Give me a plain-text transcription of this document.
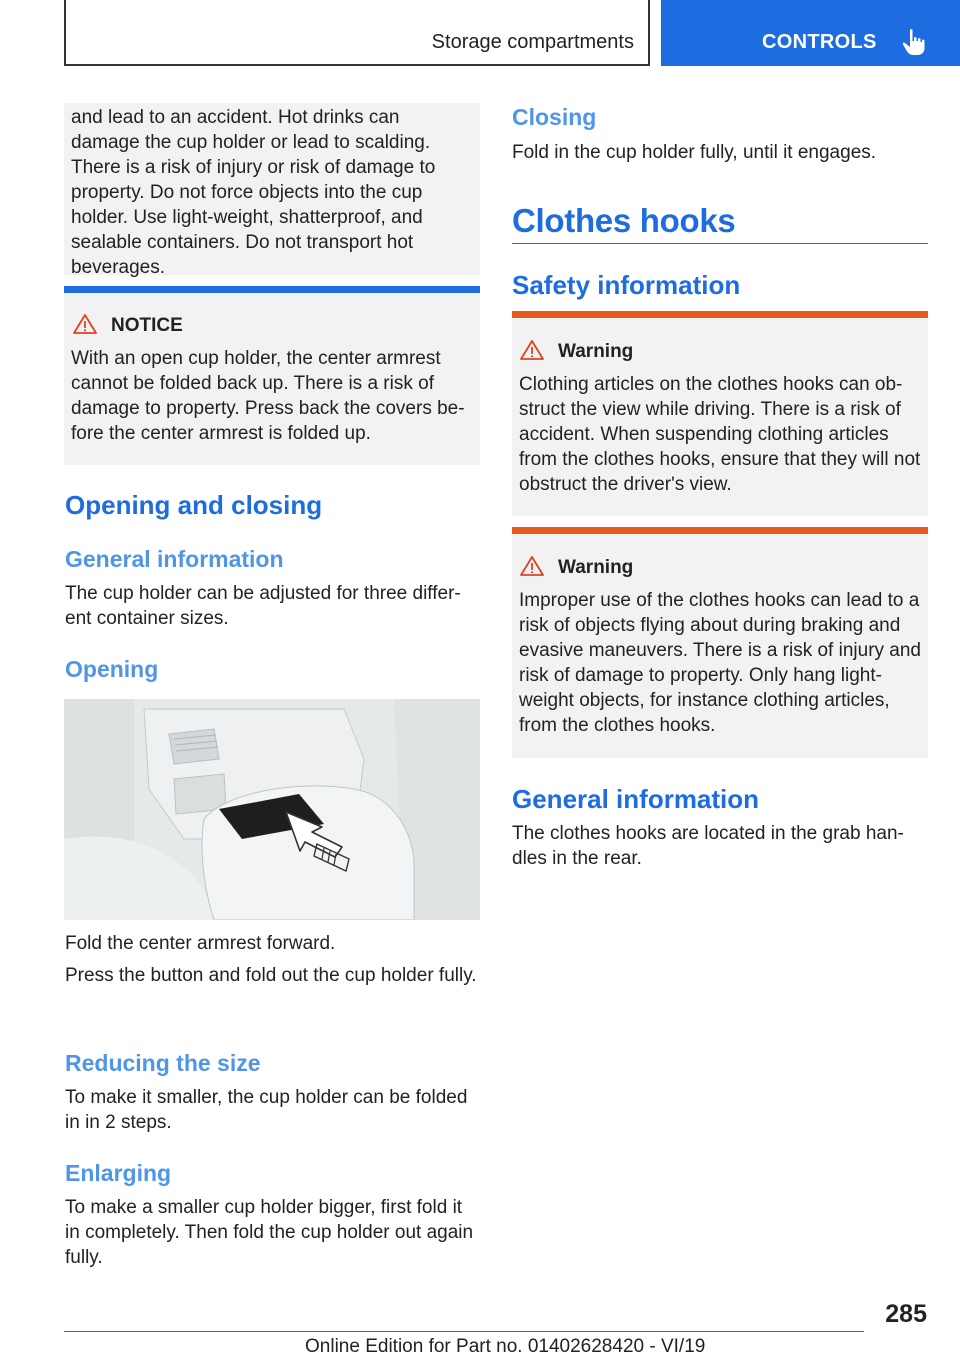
Storage compartments	CONTROLS

and lead to an accident. Hot drinks can damage the cup holder or lead to scalding. There is a risk of injury or risk of damage to property. Do not force objects into the cup holder. Use light-weight, shatterproof, and sealable containers. Do not transport hot beverages.

NOTICE

With an open cup holder, the center armrest cannot be folded back up. There is a risk of damage to property. Press back the covers be-fore the center armrest is folded up.

Opening and closing
General information

The cup holder can be adjusted for three differ-ent container sizes.

Opening

Fold the center armrest forward.

Press the button and fold out the cup holder fully.

Reducing the size

To make it smaller, the cup holder can be folded in in 2 steps.

Enlarging

To make a smaller cup holder bigger, first fold it in completely. Then fold the cup holder out again fully.

Closing

Fold in the cup holder fully, until it engages.

Clothes hooks
Safety information
Warning

Clothing articles on the clothes hooks can ob-struct the view while driving. There is a risk of accident. When suspending clothing articles from the clothes hooks, ensure that they will not obstruct the driver's view.

Warning

Improper use of the clothes hooks can lead to a risk of objects flying about during braking and evasive maneuvers. There is a risk of injury and risk of damage to property. Only hang light-weight objects, for instance clothing articles, from the clothes hooks.

General information

The clothes hooks are located in the grab han-dles in the rear.

285
Online Edition for Part no. 01402628420 - VI/19
